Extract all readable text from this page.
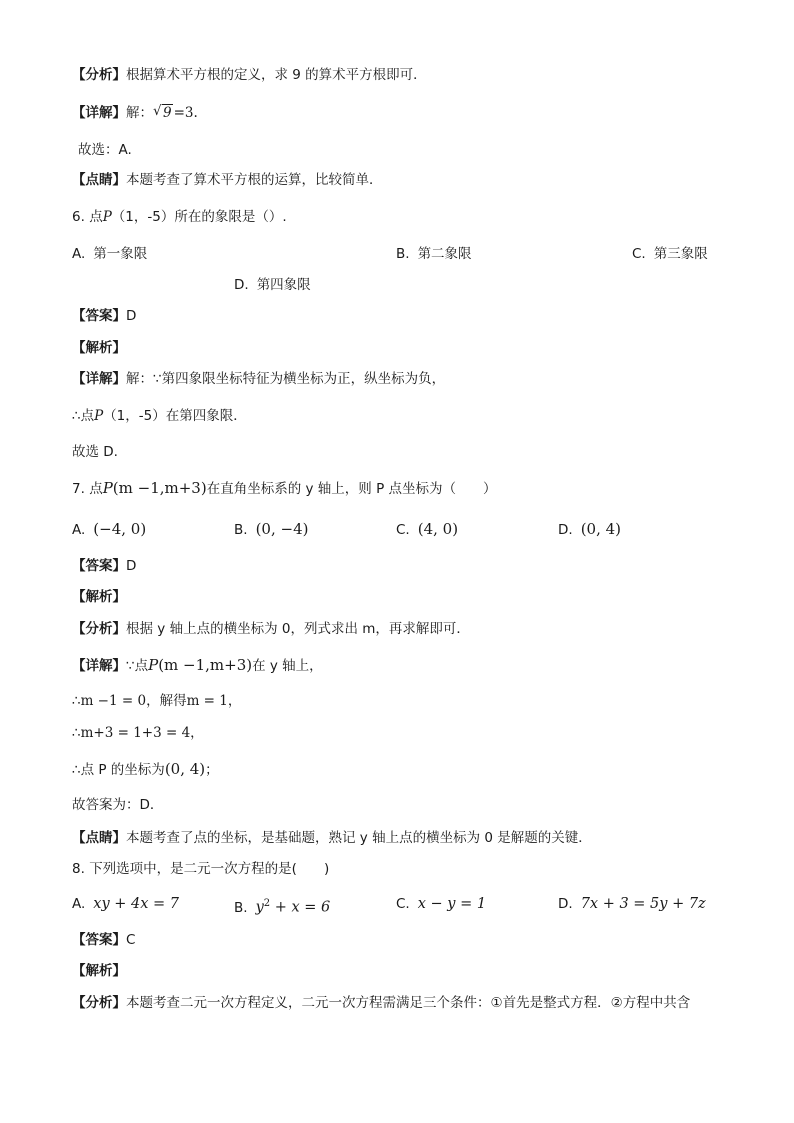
【分析】根据算术平方根的定义，求 9 的算术平方根即可．
【详解】解： √ 9 =3.
故选：A.
【点睛】本题考查了算术平方根的运算，比较简单．
6. 点P（1，-5）所在的象限是（）.
A. 第一象限	B. 第二象限	C. 第三象限
D. 第四象限
【答案】D
【解析】
【详解】解：∵第四象限坐标特征为横坐标为正，纵坐标为负，
∴点P（1，-5）在第四象限．
故选 D.
7. 点P(m −1,m+3)在直角坐标系的 y 轴上，则 P 点坐标为（　　）
A. (−4, 0)	B. (0, −4)	C. (4, 0)	D. (0, 4)
【答案】D
【解析】
【分析】根据 y 轴上点的横坐标为 0，列式求出 m，再求解即可．
【详解】∵点P(m −1,m+3)在 y 轴上，
∴m −1 = 0，解得m = 1，
∴m+3 = 1+3 = 4，
∴点 P 的坐标为(0, 4)；
故答案为：D．
【点睛】本题考查了点的坐标，是基础题，熟记 y 轴上点的横坐标为 0 是解题的关键．
8. 下列选项中，是二元一次方程的是(　　)
A. xy + 4x = 7	B. $y^2 + x = 6$	C. x − y = 1	D. 7x + 3 = 5y + 7z
【答案】C
【解析】
【分析】本题考查二元一次方程定义，二元一次方程需满足三个条件：①首先是整式方程．②方程中共含
